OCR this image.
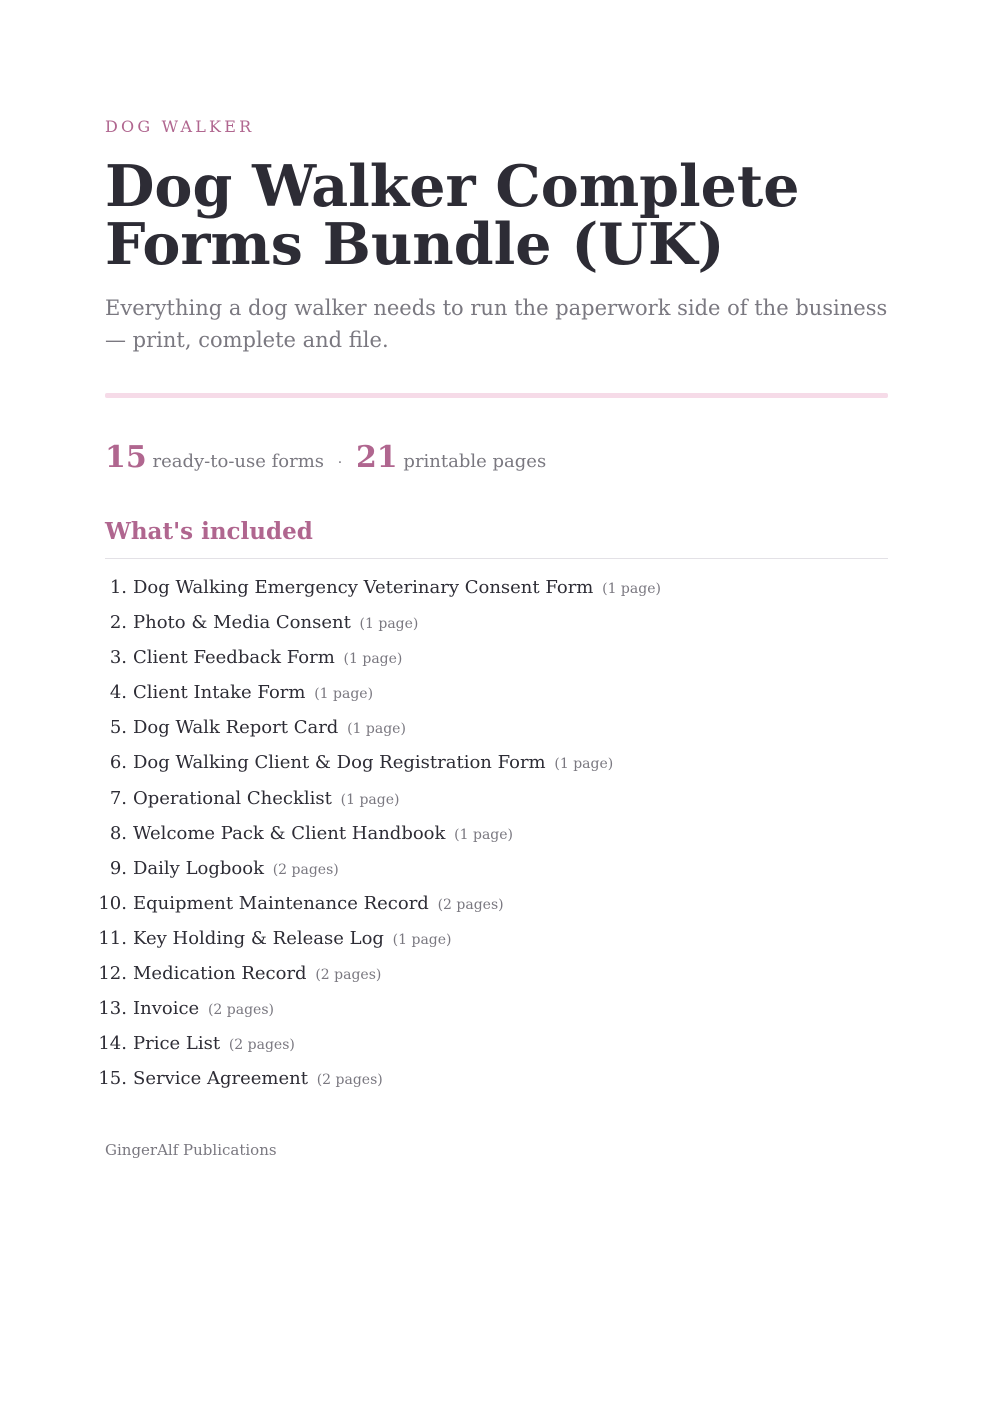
DOG WALKER
Dog Walker Complete Forms Bundle (UK)

Everything a dog walker needs to run the paperwork side of the business — print, complete and file.

15 ready-to-use forms · 21 printable pages
What's included
1. Dog Walking Emergency Veterinary Consent Form (1 page)
2. Photo & Media Consent (1 page)
3. Client Feedback Form (1 page)
4. Client Intake Form (1 page)
5. Dog Walk Report Card (1 page)
6. Dog Walking Client & Dog Registration Form (1 page)
7. Operational Checklist (1 page)
8. Welcome Pack & Client Handbook (1 page)
9. Daily Logbook (2 pages)
10. Equipment Maintenance Record (2 pages)
11. Key Holding & Release Log (1 page)
12. Medication Record (2 pages)
13. Invoice (2 pages)
14. Price List (2 pages)
15. Service Agreement (2 pages)
GingerAlf Publications
